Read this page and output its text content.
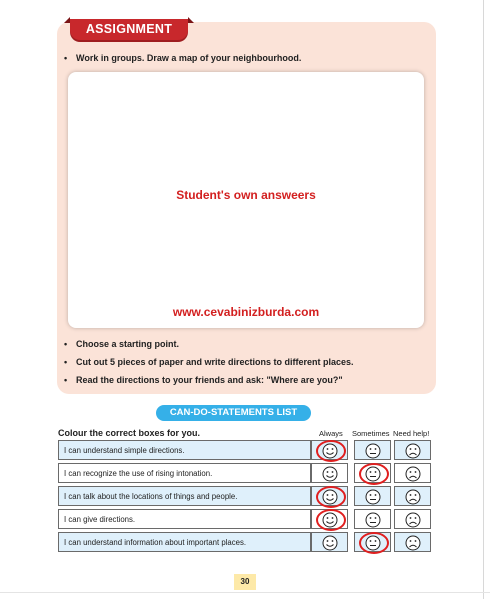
ASSIGNMENT
• Work in groups. Draw a map of your neighbourhood.
Student's own answeers
www.cevabinizburda.com
• Choose a starting point.
• Cut out 5 pieces of paper and write directions to different places.
• Read the directions to your friends and ask: "Where are you?"
CAN-DO-STATEMENTS LIST
Colour the correct boxes for you.	Always Sometimes Need help!
I can understand simple directions.
I can recognize the use of rising intonation.
I can talk about the locations of things and people.
I can give directions.
I can understand information about important places.
30
